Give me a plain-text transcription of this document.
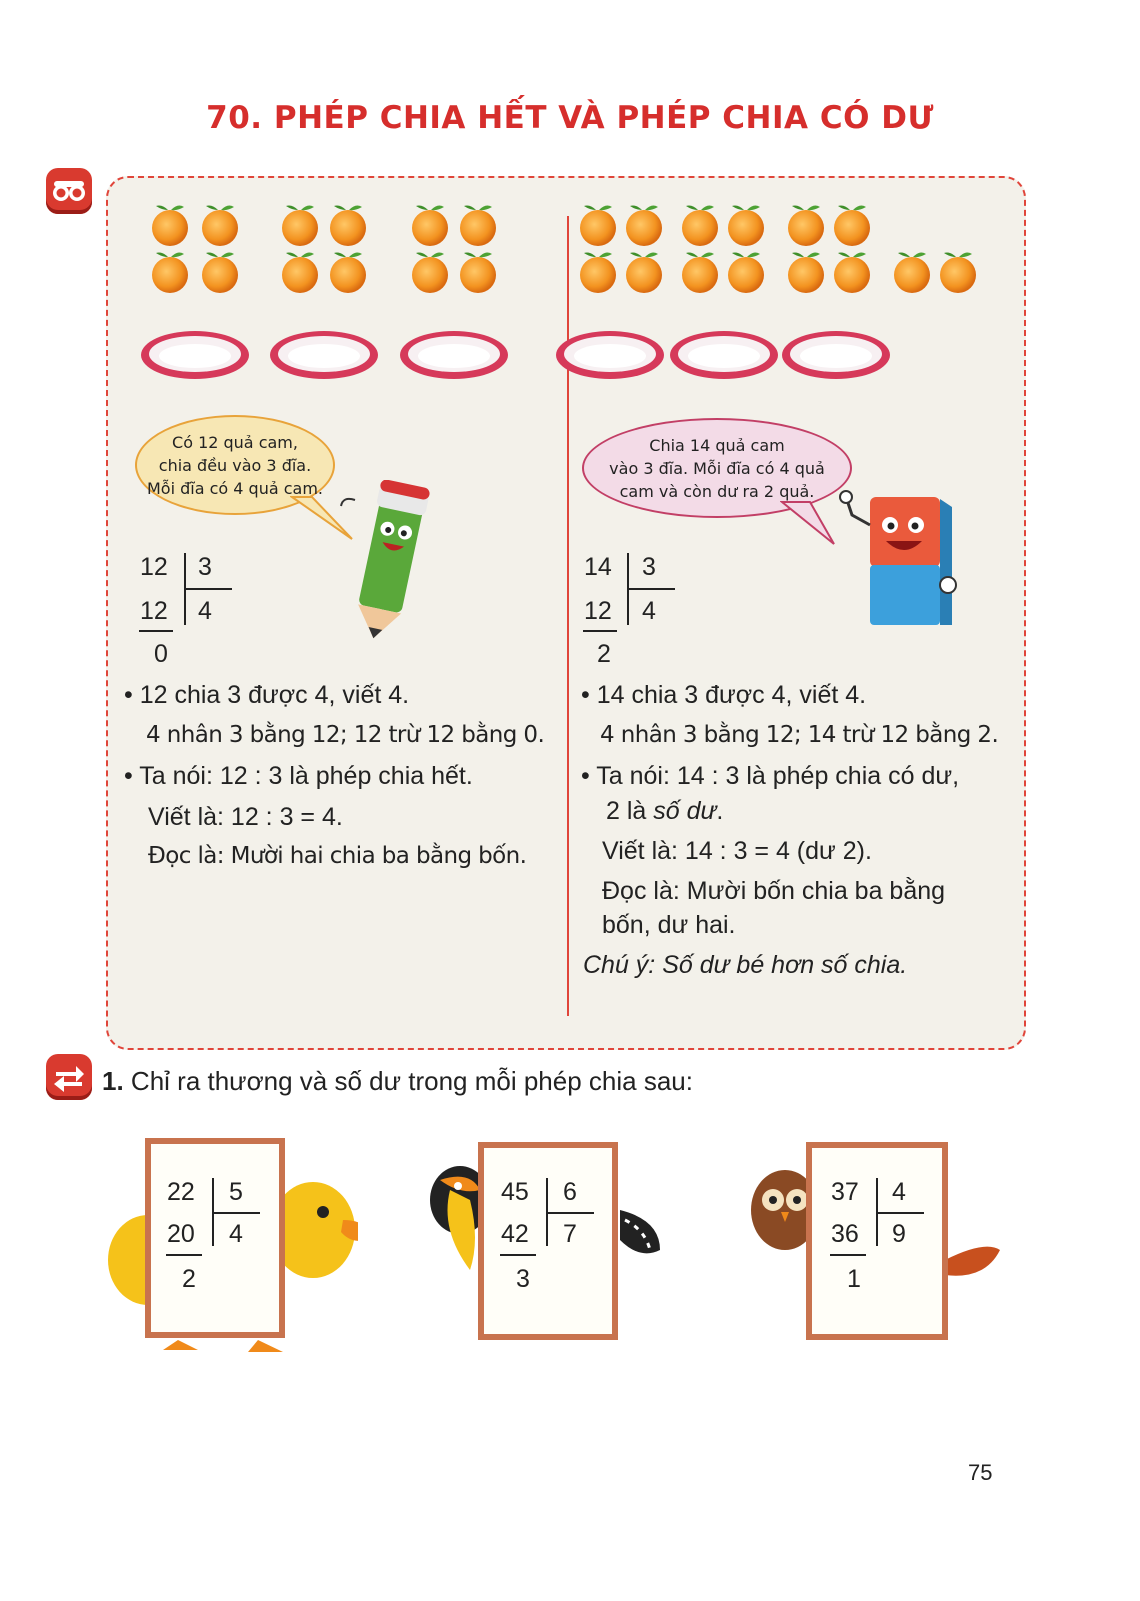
70. PHÉP CHIA HẾT VÀ PHÉP CHIA CÓ DƯ
Có 12 quả cam,
chia đều vào 3 đĩa.
Mỗi đĩa có 4 quả cam.
12 3
12 4
0
• 12 chia 3 được 4, viết 4.
4 nhân 3 bằng 12; 12 trừ 12 bằng 0.
• Ta nói: 12 : 3 là phép chia hết.
Viết là: 12 : 3 = 4.
Đọc là: Mười hai chia ba bằng bốn.
Chia 14 quả cam
vào 3 đĩa. Mỗi đĩa có 4 quả
cam và còn dư ra 2 quả.
14 3
12 4
2
• 14 chia 3 được 4, viết 4.
4 nhân 3 bằng 12; 14 trừ 12 bằng 2.
• Ta nói: 14 : 3 là phép chia có dư,
2 là số dư.
Viết là: 14 : 3 = 4 (dư 2).
Đọc là: Mười bốn chia ba bằng
bốn, dư hai.
Chú ý: Số dư bé hơn số chia.
1. Chỉ ra thương và số dư trong mỗi phép chia sau:
22 5
20 4
2
45 6
42 7
3
37 4
36 9
1
75
